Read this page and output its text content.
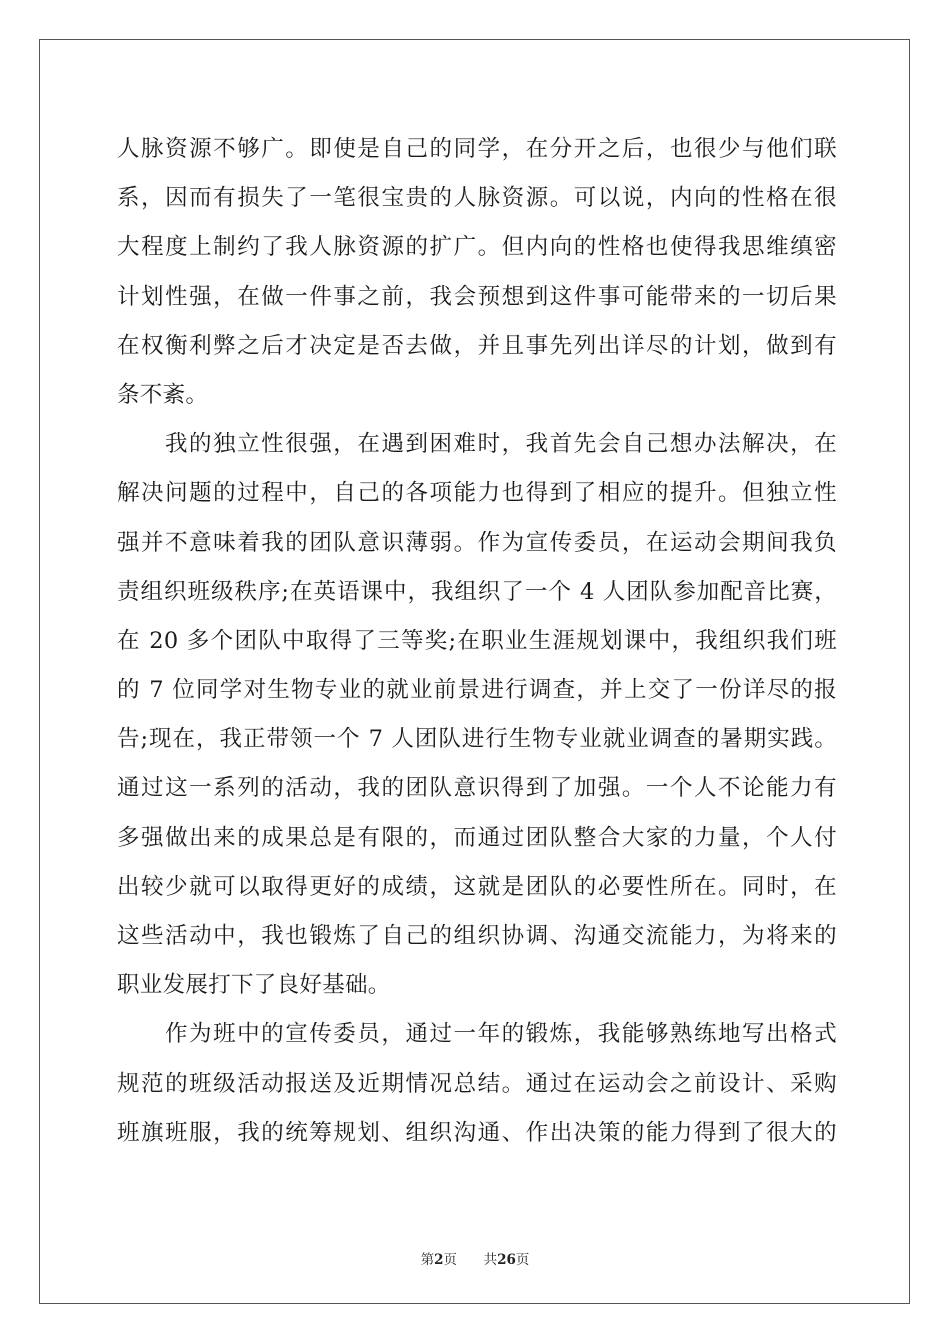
人脉资源不够广。即使是自己的同学，在分开之后，也很少与他们联
系，因而有损失了一笔很宝贵的人脉资源。可以说，内向的性格在很
大程度上制约了我人脉资源的扩广。但内向的性格也使得我思维缜密
计划性强，在做一件事之前，我会预想到这件事可能带来的一切后果
在权衡利弊之后才决定是否去做，并且事先列出详尽的计划，做到有
条不紊。
我的独立性很强，在遇到困难时，我首先会自己想办法解决，在
解决问题的过程中，自己的各项能力也得到了相应的提升。但独立性
强并不意味着我的团队意识薄弱。作为宣传委员，在运动会期间我负
责组织班级秩序;在英语课中，我组织了一个 4 人团队参加配音比赛，
在 20 多个团队中取得了三等奖;在职业生涯规划课中，我组织我们班
的 7 位同学对生物专业的就业前景进行调查，并上交了一份详尽的报
告;现在，我正带领一个 7 人团队进行生物专业就业调查的暑期实践。
通过这一系列的活动，我的团队意识得到了加强。一个人不论能力有
多强做出来的成果总是有限的，而通过团队整合大家的力量，个人付
出较少就可以取得更好的成绩，这就是团队的必要性所在。同时，在
这些活动中，我也锻炼了自己的组织协调、沟通交流能力，为将来的
职业发展打下了良好基础。
作为班中的宣传委员，通过一年的锻炼，我能够熟练地写出格式
规范的班级活动报送及近期情况总结。通过在运动会之前设计、采购
班旗班服，我的统筹规划、组织沟通、作出决策的能力得到了很大的
第2页 共26页
